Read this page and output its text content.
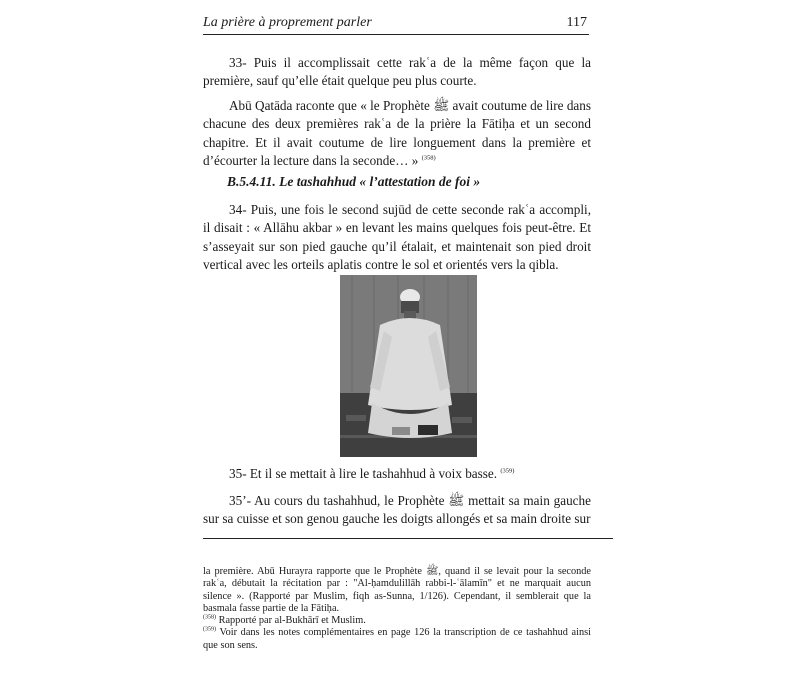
La prière à proprement parler	117

33- Puis il accomplissait cette rakʿa de la même façon que la première, sauf qu’elle était quelque peu plus courte.

Abū Qatāda raconte que « le Prophète ﷺ avait coutume de lire dans chacune des deux premières rakʿa de la prière la Fātiḥa et un second chapitre. Et il avait coutume de lire longuement dans la première et d’écourter la lecture dans la seconde… » $^{(358)}$

B.5.4.11. Le tashahhud « l’attestation de foi »

34- Puis, une fois le second sujūd de cette seconde rakʿa accompli, il disait : « Allāhu akbar » en levant les mains quelques fois peut-être. Et s’asseyait sur son pied gauche qu’il étalait, et maintenait son pied droit vertical avec les orteils aplatis contre le sol et orientés vers la qibla.

35- Et il se mettait à lire le tashahhud à voix basse. $^{(359)}$

35’- Au cours du tashahhud, le Prophète ﷺ mettait sa main gauche sur sa cuisse et son genou gauche les doigts allongés et sa main droite sur

la première. Abū Hurayra rapporte que le Prophète ﷺ, quand il se levait pour la seconde rakʿa, débutait la récitation par : "Al-ḥamdulillāh rabbi-l-ʿālamīn" et ne marquait aucun silence ». (Rapporté par Muslim, fiqh as-Sunna, 1/126). Cependant, il semblerait que la basmala fasse partie de la Fātiḥa.

$^{(358)}$ Rapporté par al-Bukhārī et Muslim.

$^{(359)}$ Voir dans les notes complémentaires en page 126 la transcription de ce tashahhud ainsi que son sens.
